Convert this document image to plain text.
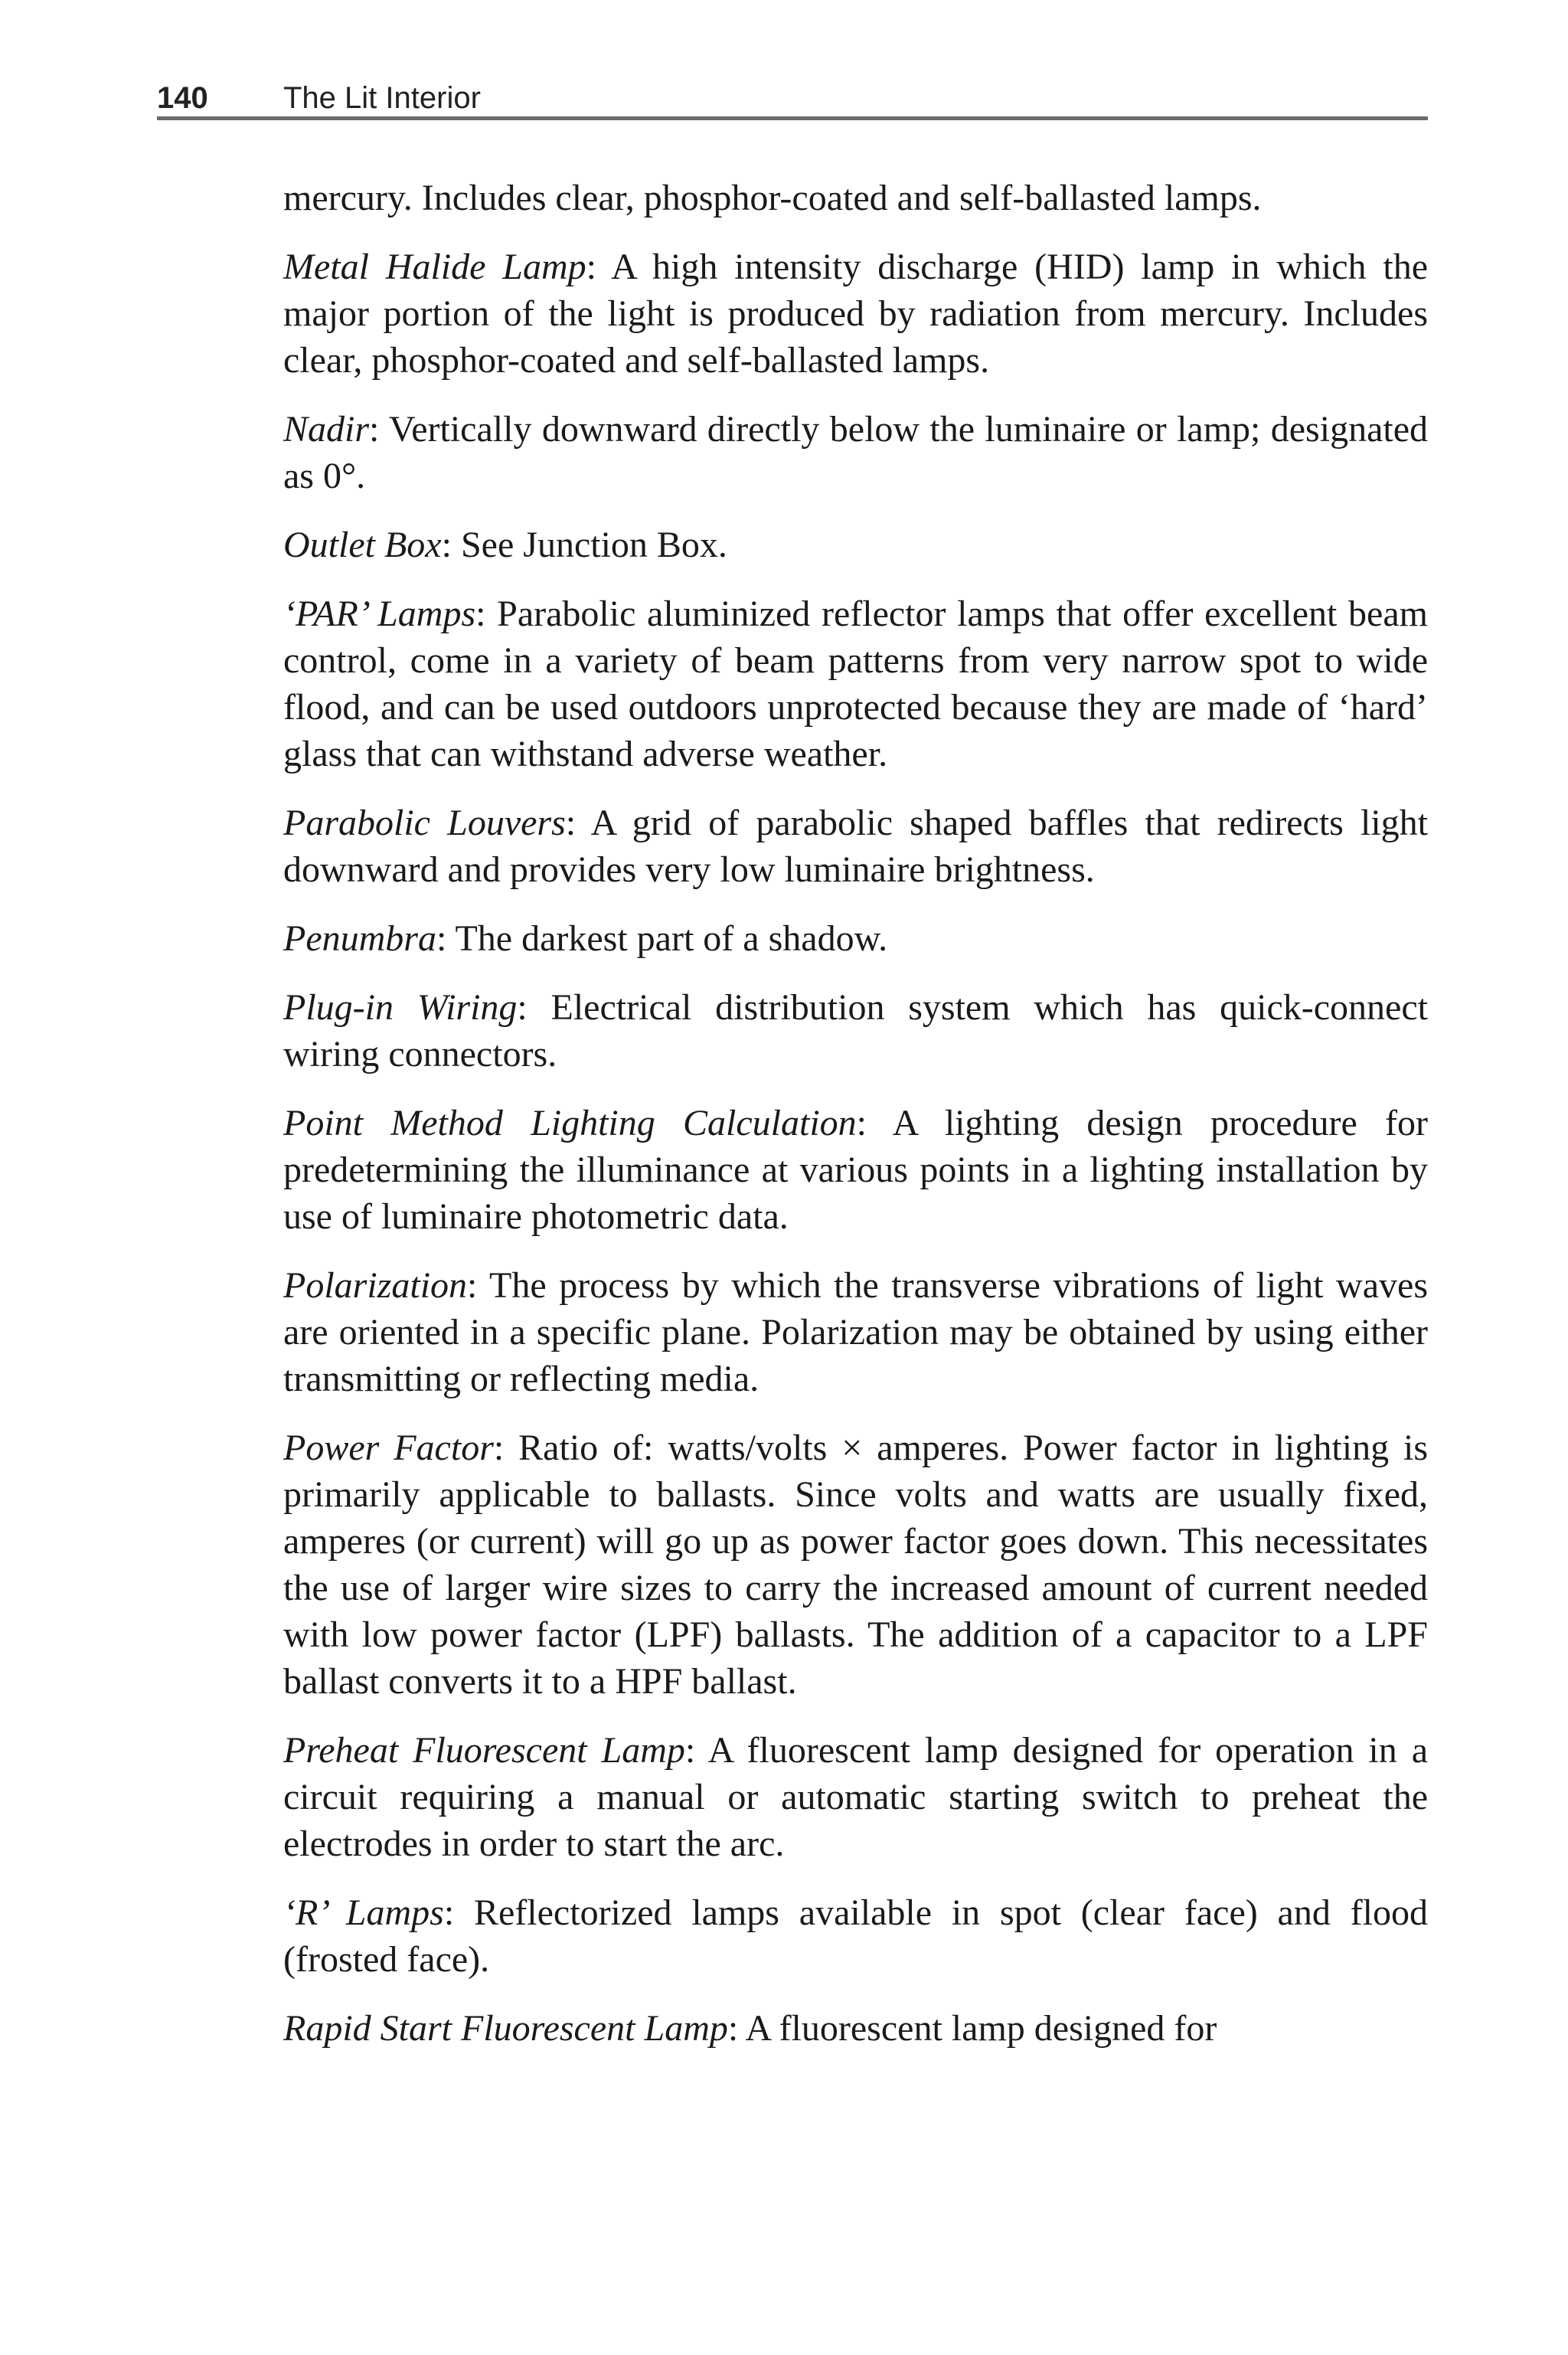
140 The Lit Interior

mercury. Includes clear, phosphor-coated and self-ballasted lamps.

Metal Halide Lamp: A high intensity discharge (HID) lamp in which the major portion of the light is produced by radiation from mercury. Includes clear, phosphor-coated and self-ballasted lamps.

Nadir: Vertically downward directly below the luminaire or lamp; designated as 0°.

Outlet Box: See Junction Box.

‘PAR’ Lamps: Parabolic aluminized reflector lamps that offer excellent beam control, come in a variety of beam patterns from very narrow spot to wide flood, and can be used outdoors unprotected because they are made of ‘hard’ glass that can withstand adverse weather.

Parabolic Louvers: A grid of parabolic shaped baffles that redirects light downward and provides very low luminaire brightness.

Penumbra: The darkest part of a shadow.

Plug-in Wiring: Electrical distribution system which has quick-connect wiring connectors.

Point Method Lighting Calculation: A lighting design procedure for predetermining the illuminance at various points in a lighting installation by use of luminaire photometric data.

Polarization: The process by which the transverse vibrations of light waves are oriented in a specific plane. Polarization may be obtained by using either transmitting or reflecting media.

Power Factor: Ratio of: watts/volts × amperes. Power factor in lighting is primarily applicable to ballasts. Since volts and watts are usually fixed, amperes (or current) will go up as power factor goes down. This necessitates the use of larger wire sizes to carry the increased amount of current needed with low power factor (LPF) ballasts. The addition of a capacitor to a LPF ballast converts it to a HPF ballast.

Preheat Fluorescent Lamp: A fluorescent lamp designed for operation in a circuit requiring a manual or automatic starting switch to preheat the electrodes in order to start the arc.

‘R’ Lamps: Reflectorized lamps available in spot (clear face) and flood (frosted face).

Rapid Start Fluorescent Lamp: A fluorescent lamp designed for
